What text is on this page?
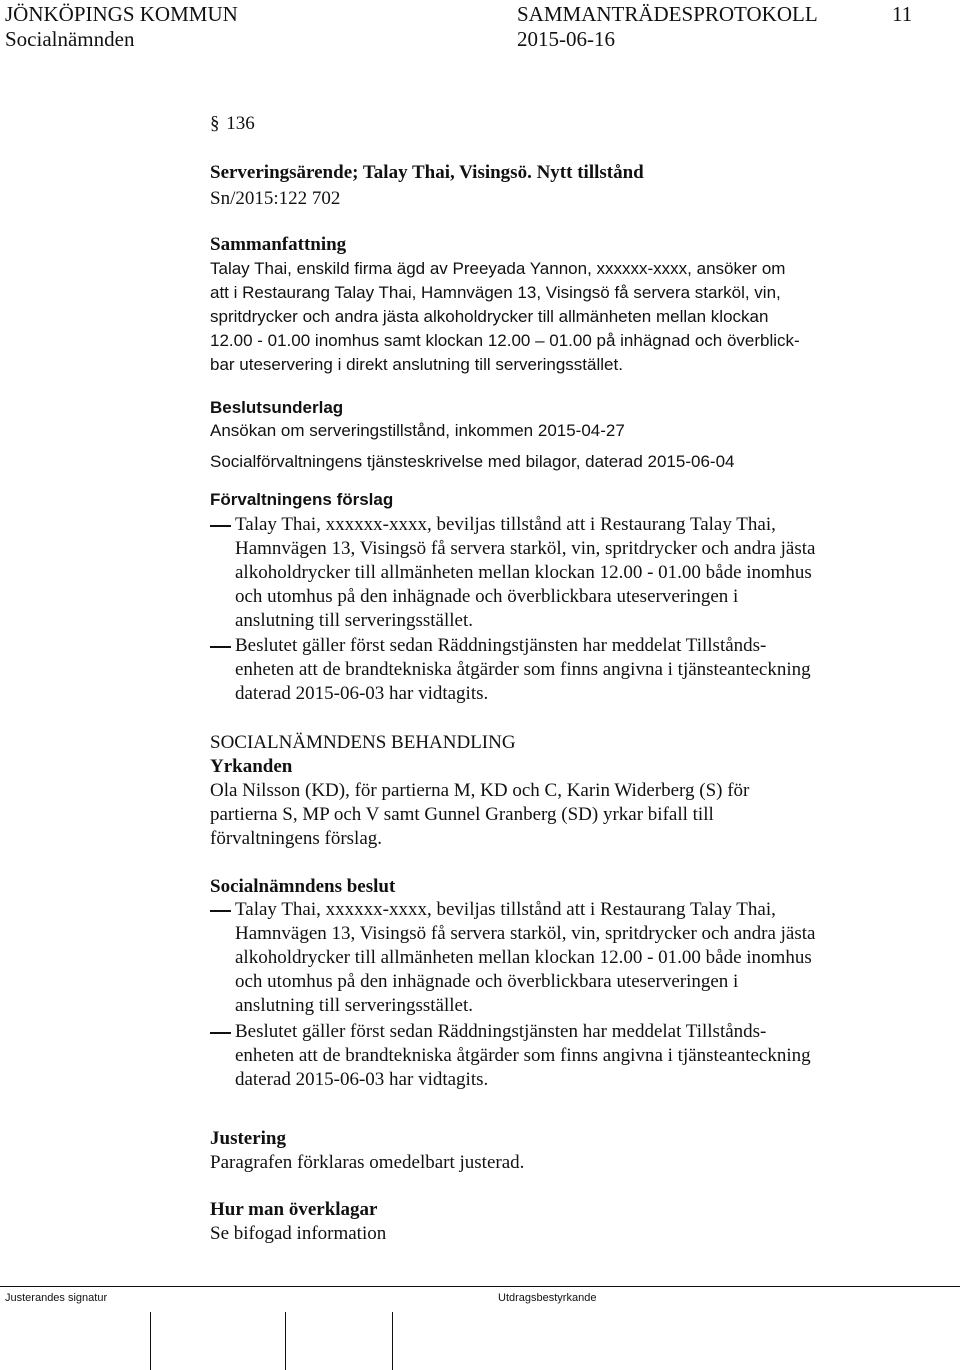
JÖNKÖPINGS KOMMUN	SAMMANTRÄDESPROTOKOLL	11
Socialnämnden	2015-06-16
§ 136
Serveringsärende; Talay Thai, Visingsö. Nytt tillstånd
Sn/2015:122 702
Sammanfattning
Talay Thai, enskild firma ägd av Preeyada Yannon, xxxxxx-xxxx, ansöker om
att i Restaurang Talay Thai, Hamnvägen 13, Visingsö få servera starköl, vin,
spritdrycker och andra jästa alkoholdrycker till allmänheten mellan klockan
12.00 - 01.00 inomhus samt klockan 12.00 – 01.00 på inhägnad och överblick-
bar uteservering i direkt anslutning till serveringsstället.
Beslutsunderlag
Ansökan om serveringstillstånd, inkommen 2015-04-27
Socialförvaltningens tjänsteskrivelse med bilagor, daterad 2015-06-04
Förvaltningens förslag
Talay Thai, xxxxxx-xxxx, beviljas tillstånd att i Restaurang Talay Thai,
Hamnvägen 13, Visingsö få servera starköl, vin, spritdrycker och andra jästa
alkoholdrycker till allmänheten mellan klockan 12.00 - 01.00 både inomhus
och utomhus på den inhägnade och överblickbara uteserveringen i
anslutning till serveringsstället.
Beslutet gäller först sedan Räddningstjänsten har meddelat Tillstånds-
enheten att de brandtekniska åtgärder som finns angivna i tjänsteanteckning
daterad 2015-06-03 har vidtagits.
SOCIALNÄMNDENS BEHANDLING
Yrkanden
Ola Nilsson (KD), för partierna M, KD och C, Karin Widerberg (S) för
partierna S, MP och V samt Gunnel Granberg (SD) yrkar bifall till
förvaltningens förslag.
Socialnämndens beslut
Talay Thai, xxxxxx-xxxx, beviljas tillstånd att i Restaurang Talay Thai,
Hamnvägen 13, Visingsö få servera starköl, vin, spritdrycker och andra jästa
alkoholdrycker till allmänheten mellan klockan 12.00 - 01.00 både inomhus
och utomhus på den inhägnade och överblickbara uteserveringen i
anslutning till serveringsstället.
Beslutet gäller först sedan Räddningstjänsten har meddelat Tillstånds-
enheten att de brandtekniska åtgärder som finns angivna i tjänsteanteckning
daterad 2015-06-03 har vidtagits.
Justering
Paragrafen förklaras omedelbart justerad.
Hur man överklagar
Se bifogad information
Justerandes signatur	Utdragsbestyrkande
